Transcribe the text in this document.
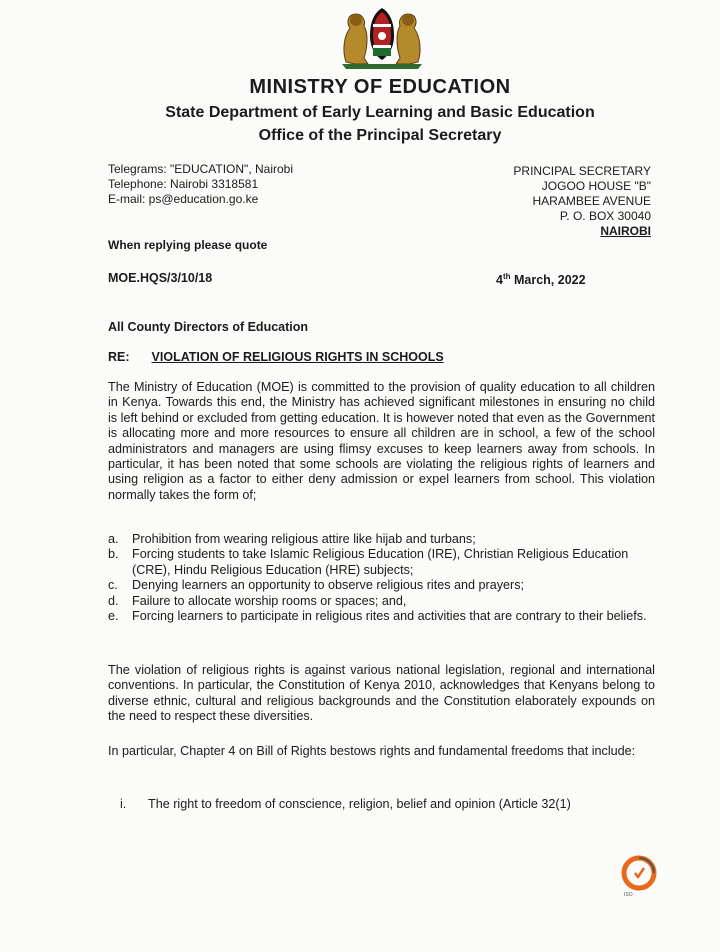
MINISTRY OF EDUCATION
State Department of Early Learning and Basic Education
Office of the Principal Secretary
Telegrams: "EDUCATION", Nairobi
Telephone: Nairobi 3318581
E-mail: ps@education.go.ke
PRINCIPAL SECRETARY
JOGOO HOUSE "B"
HARAMBEE AVENUE
P. O. BOX 30040
NAIROBI
When replying please quote
MOE.HQS/3/10/18	4th March, 2022
All County Directors of Education
RE: VIOLATION OF RELIGIOUS RIGHTS IN SCHOOLS
The Ministry of Education (MOE) is committed to the provision of quality education to all children in Kenya. Towards this end, the Ministry has achieved significant milestones in ensuring no child is left behind or excluded from getting education. It is however noted that even as the Government is allocating more and more resources to ensure all children are in school, a few of the school administrators and managers are using flimsy excuses to keep learners away from schools. In particular, it has been noted that some schools are violating the religious rights of learners and using religion as a factor to either deny admission or expel learners from school. This violation normally takes the form of;
a.	Prohibition from wearing religious attire like hijab and turbans;
b.	Forcing students to take Islamic Religious Education (IRE), Christian Religious Education (CRE), Hindu Religious Education (HRE) subjects;
c.	Denying learners an opportunity to observe religious rites and prayers;
d.	Failure to allocate worship rooms or spaces; and,
e.	Forcing learners to participate in religious rites and activities that are contrary to their beliefs.
The violation of religious rights is against various national legislation, regional and international conventions. In particular, the Constitution of Kenya 2010, acknowledges that Kenyans belong to diverse ethnic, cultural and religious backgrounds and the Constitution elaborately expounds on the need to respect these diversities.
In particular, Chapter 4 on Bill of Rights bestows rights and fundamental freedoms that include:
i.	The right to freedom of conscience, religion, belief and opinion (Article 32(1)
ISO
